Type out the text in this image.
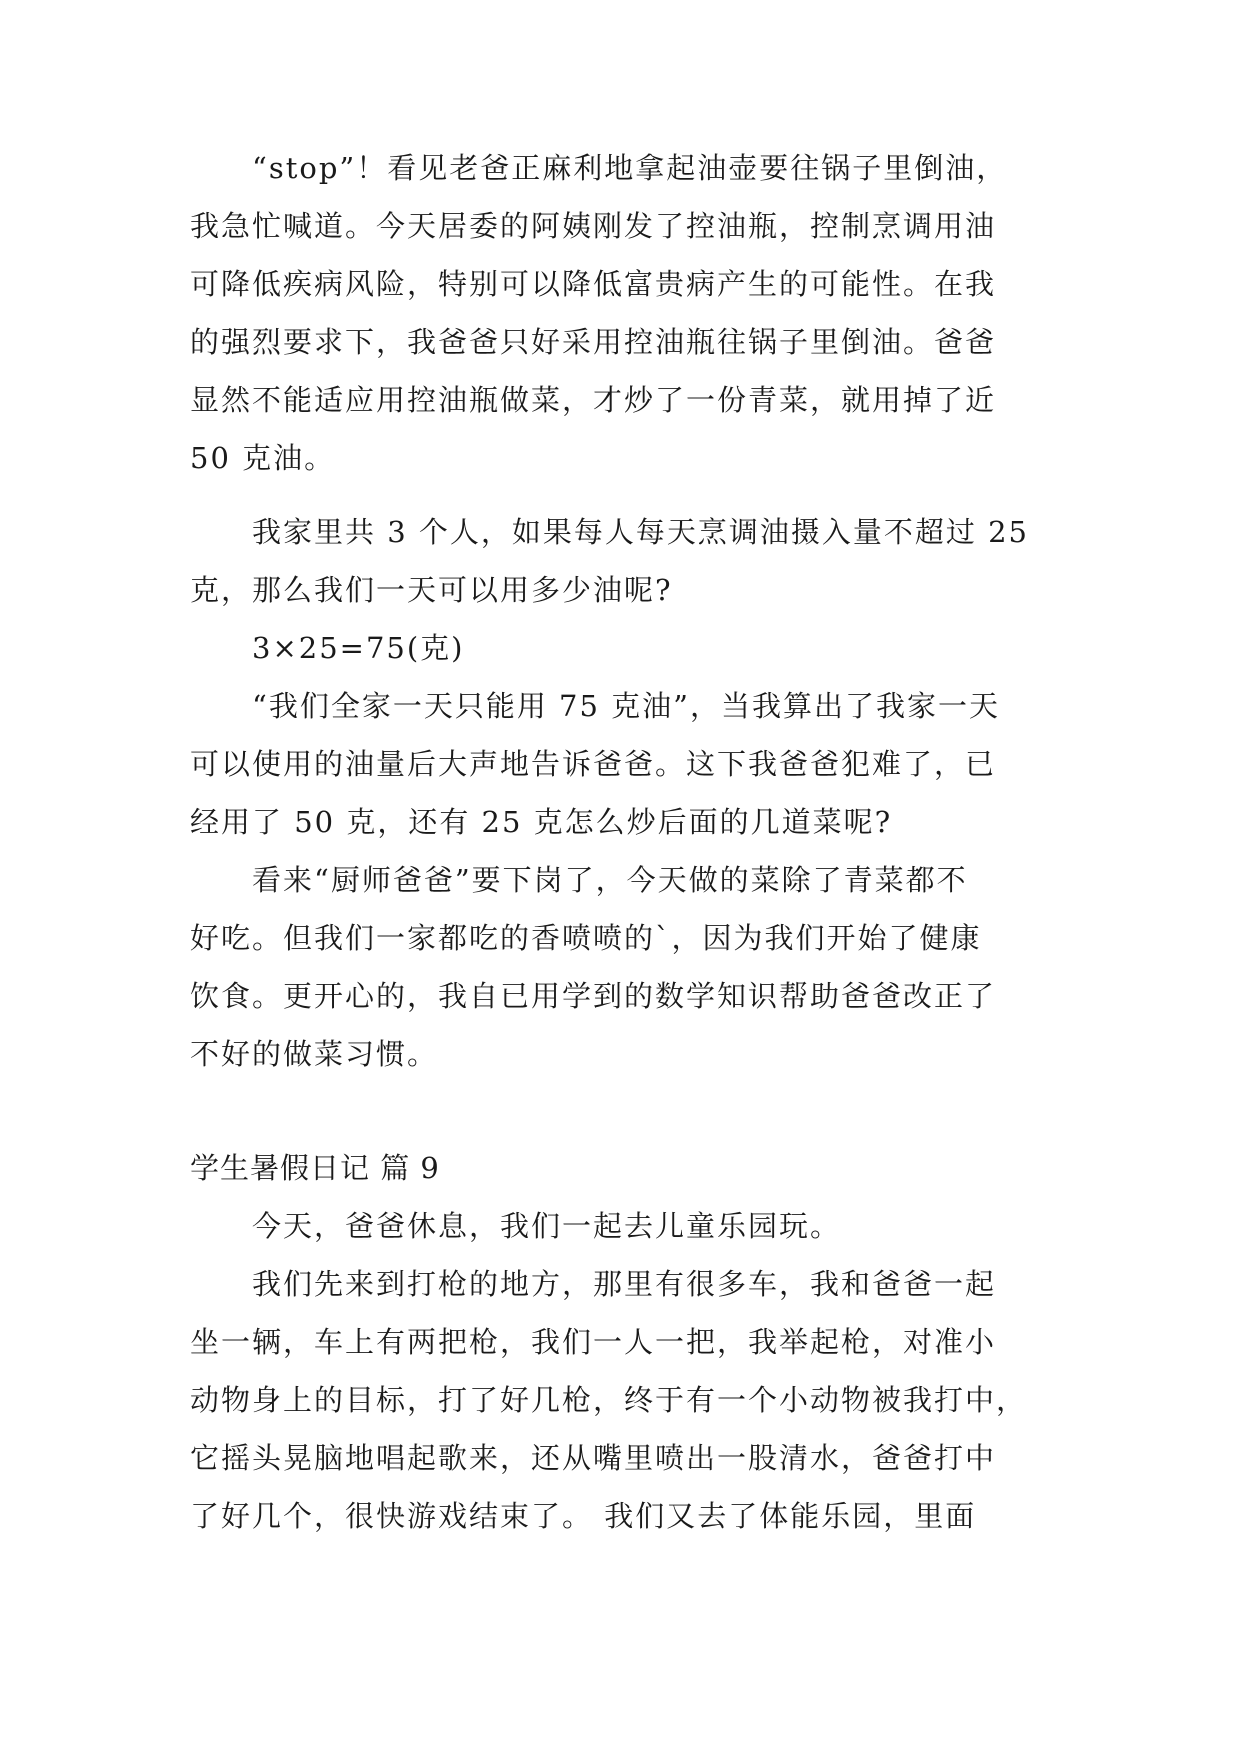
“stop”！看见老爸正麻利地拿起油壶要往锅子里倒油，
我急忙喊道。今天居委的阿姨刚发了控油瓶，控制烹调用油
可降低疾病风险，特别可以降低富贵病产生的可能性。在我
的强烈要求下，我爸爸只好采用控油瓶往锅子里倒油。爸爸
显然不能适应用控油瓶做菜，才炒了一份青菜，就用掉了近
50 克油。
我家里共 3 个人，如果每人每天烹调油摄入量不超过 25
克，那么我们一天可以用多少油呢?
3×25=75(克)
“我们全家一天只能用 75 克油”，当我算出了我家一天
可以使用的油量后大声地告诉爸爸。这下我爸爸犯难了，已
经用了 50 克，还有 25 克怎么炒后面的几道菜呢?
看来“厨师爸爸”要下岗了，今天做的菜除了青菜都不
好吃。但我们一家都吃的香喷喷的`，因为我们开始了健康
饮食。更开心的，我自已用学到的数学知识帮助爸爸改正了
不好的做菜习惯。
学生暑假日记 篇 9
今天，爸爸休息，我们一起去儿童乐园玩。
我们先来到打枪的地方，那里有很多车，我和爸爸一起
坐一辆，车上有两把枪，我们一人一把，我举起枪，对准小
动物身上的目标，打了好几枪，终于有一个小动物被我打中，
它摇头晃脑地唱起歌来，还从嘴里喷出一股清水，爸爸打中
了好几个，很快游戏结束了。 我们又去了体能乐园，里面
